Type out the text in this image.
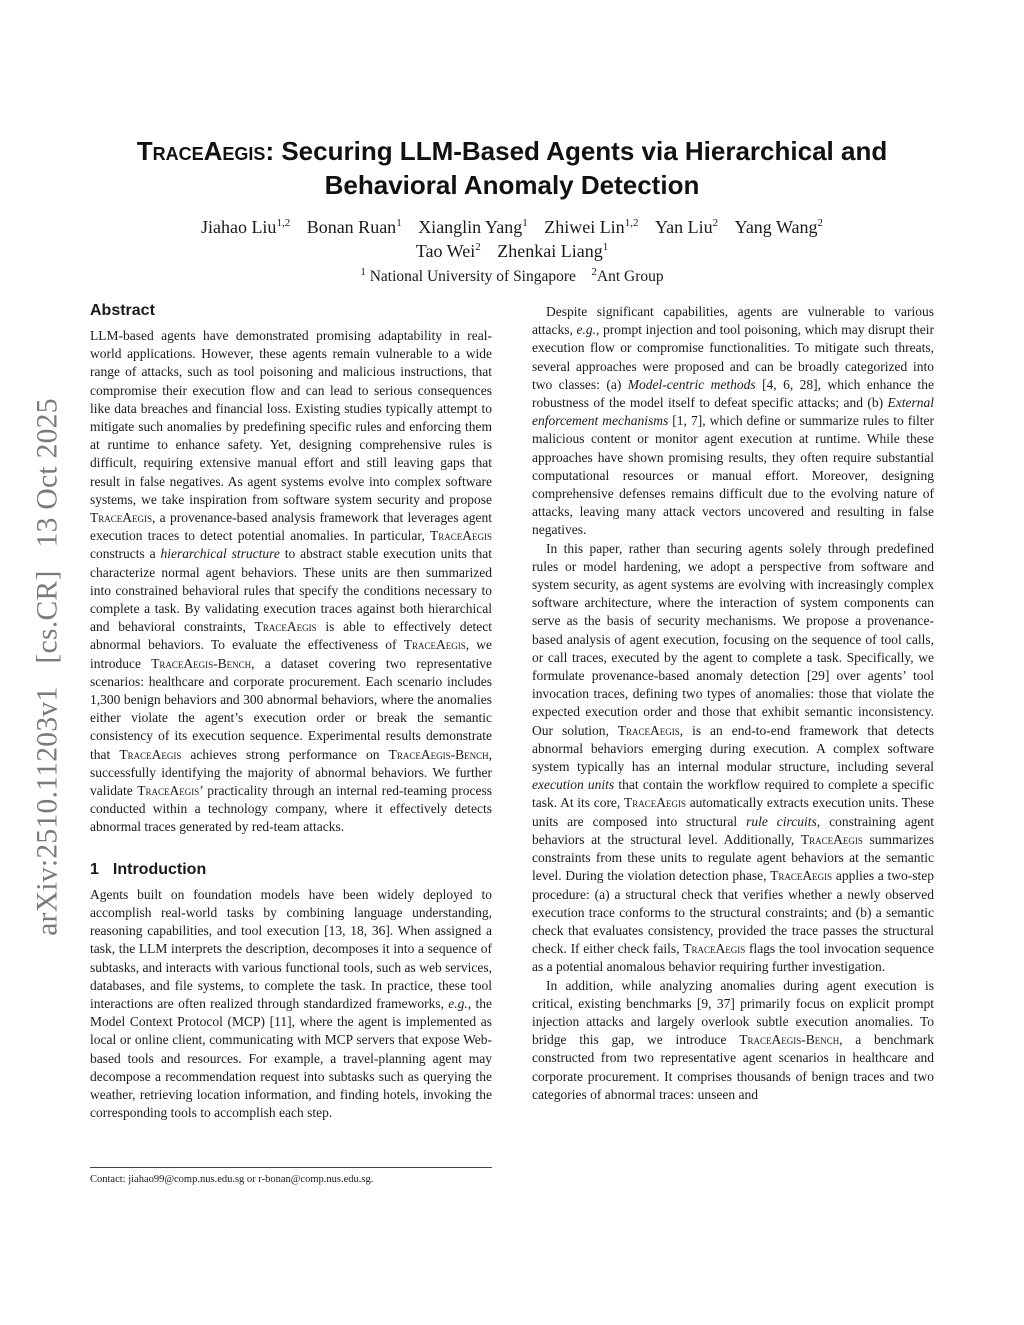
arXiv:2510.11203v1   [cs.CR]   13 Oct 2025
TraceAegis: Securing LLM-Based Agents via Hierarchical and
Behavioral Anomaly Detection
Jiahao Liu$^{1,2}$ Bonan Ruan$^1$ Xianglin Yang$^1$ Zhiwei Lin$^{1,2}$ Yan Liu$^2$ Yang Wang$^2$
Tao Wei$^2$ Zhenkai Liang$^1$
$^1$ National University of Singapore $^2$Ant Group
Abstract

LLM-based agents have demonstrated promising adaptability in real-world applications. However, these agents remain vulnerable to a wide range of attacks, such as tool poisoning and malicious instructions, that compromise their execution flow and can lead to serious consequences like data breaches and financial loss. Existing studies typically attempt to mitigate such anomalies by predefining specific rules and enforcing them at runtime to enhance safety. Yet, designing comprehensive rules is difficult, requiring extensive manual effort and still leaving gaps that result in false negatives. As agent systems evolve into complex software systems, we take inspiration from software system security and propose TraceAegis, a provenance-based analysis framework that leverages agent execution traces to detect potential anomalies. In particular, TraceAegis constructs a hierarchical structure to abstract stable execution units that characterize normal agent behaviors. These units are then summarized into constrained behavioral rules that specify the conditions necessary to complete a task. By validating execution traces against both hierarchical and behavioral constraints, TraceAegis is able to effectively detect abnormal behaviors. To evaluate the effectiveness of TraceAegis, we introduce TraceAegis-Bench, a dataset covering two representative scenarios: healthcare and corporate procurement. Each scenario includes 1,300 benign behaviors and 300 abnormal behaviors, where the anomalies either violate the agent’s execution order or break the semantic consistency of its execution sequence. Experimental results demonstrate that TraceAegis achieves strong performance on TraceAegis-Bench, successfully identifying the majority of abnormal behaviors. We further validate TraceAegis’ practicality through an internal red-teaming process conducted within a technology company, where it effectively detects abnormal traces generated by red-team attacks.

1 Introduction

Agents built on foundation models have been widely deployed to accomplish real-world tasks by combining language understanding, reasoning capabilities, and tool execution [13, 18, 36]. When assigned a task, the LLM interprets the description, decomposes it into a sequence of subtasks, and interacts with various functional tools, such as web services, databases, and file systems, to complete the task. In practice, these tool interactions are often realized through standardized frameworks, e.g., the Model Context Protocol (MCP) [11], where the agent is implemented as local or online client, communicating with MCP servers that expose Web-based tools and resources. For example, a travel-planning agent may decompose a recommendation request into subtasks such as querying the weather, retrieving location information, and finding hotels, invoking the corresponding tools to accomplish each step.

Despite significant capabilities, agents are vulnerable to various attacks, e.g., prompt injection and tool poisoning, which may disrupt their execution flow or compromise functionalities. To mitigate such threats, several approaches were proposed and can be broadly categorized into two classes: (a) Model-centric methods [4, 6, 28], which enhance the robustness of the model itself to defeat specific attacks; and (b) External enforcement mechanisms [1, 7], which define or summarize rules to filter malicious content or monitor agent execution at runtime. While these approaches have shown promising results, they often require substantial computational resources or manual effort. Moreover, designing comprehensive defenses remains difficult due to the evolving nature of attacks, leaving many attack vectors uncovered and resulting in false negatives.

In this paper, rather than securing agents solely through predefined rules or model hardening, we adopt a perspective from software and system security, as agent systems are evolving with increasingly complex software architecture, where the interaction of system components can serve as the basis of security mechanisms. We propose a provenance-based analysis of agent execution, focusing on the sequence of tool calls, or call traces, executed by the agent to complete a task. Specifically, we formulate provenance-based anomaly detection [29] over agents’ tool invocation traces, defining two types of anomalies: those that violate the expected execution order and those that exhibit semantic inconsistency. Our solution, TraceAegis, is an end-to-end framework that detects abnormal behaviors emerging during execution. A complex software system typically has an internal modular structure, including several execution units that contain the workflow required to complete a specific task. At its core, TraceAegis automatically extracts execution units. These units are composed into structural rule circuits, constraining agent behaviors at the structural level. Additionally, TraceAegis summarizes constraints from these units to regulate agent behaviors at the semantic level. During the violation detection phase, TraceAegis applies a two-step procedure: (a) a structural check that verifies whether a newly observed execution trace conforms to the structural constraints; and (b) a semantic check that evaluates consistency, provided the trace passes the structural check. If either check fails, TraceAegis flags the tool invocation sequence as a potential anomalous behavior requiring further investigation.

In addition, while analyzing anomalies during agent execution is critical, existing benchmarks [9, 37] primarily focus on explicit prompt injection attacks and largely overlook subtle execution anomalies. To bridge this gap, we introduce TraceAegis-Bench, a benchmark constructed from two representative agent scenarios in healthcare and corporate procurement. It comprises thousands of benign traces and two categories of abnormal traces: unseen and

Contact: jiahao99@comp.nus.edu.sg or r-bonan@comp.nus.edu.sg.
